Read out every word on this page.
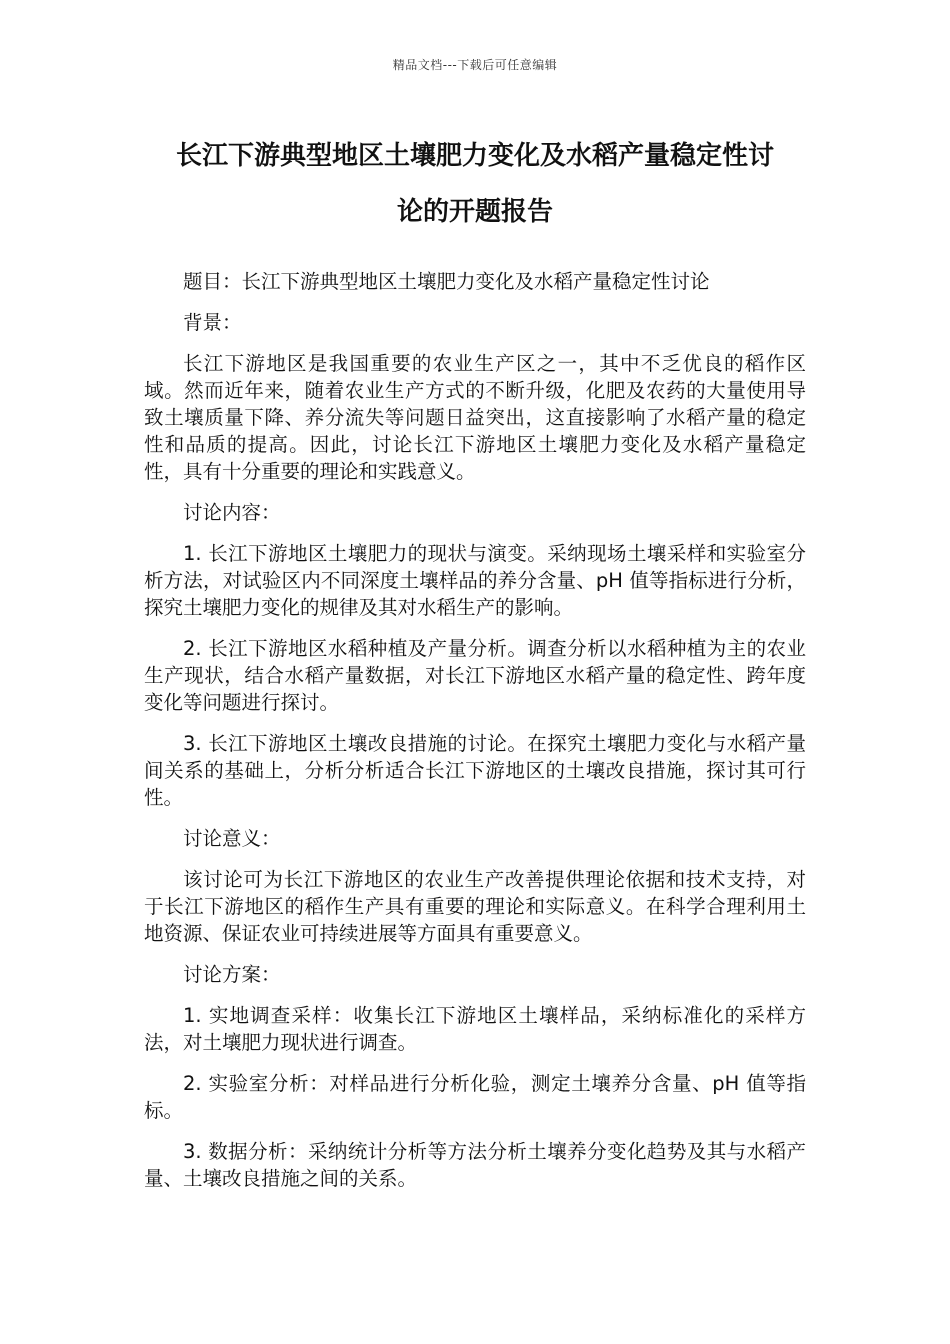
精品文档---下载后可任意编辑
长江下游典型地区土壤肥力变化及水稻产量稳定性讨
论的开题报告

题目：长江下游典型地区土壤肥力变化及水稻产量稳定性讨论

背景：

长江下游地区是我国重要的农业生产区之一，其中不乏优良的稻作区域。然而近年来，随着农业生产方式的不断升级，化肥及农药的大量使用导致土壤质量下降、养分流失等问题日益突出，这直接影响了水稻产量的稳定性和品质的提高。因此，讨论长江下游地区土壤肥力变化及水稻产量稳定性，具有十分重要的理论和实践意义。

讨论内容：

1. 长江下游地区土壤肥力的现状与演变。采纳现场土壤采样和实验室分析方法，对试验区内不同深度土壤样品的养分含量、pH 值等指标进行分析，探究土壤肥力变化的规律及其对水稻生产的影响。

2. 长江下游地区水稻种植及产量分析。调查分析以水稻种植为主的农业生产现状，结合水稻产量数据，对长江下游地区水稻产量的稳定性、跨年度变化等问题进行探讨。

3. 长江下游地区土壤改良措施的讨论。在探究土壤肥力变化与水稻产量间关系的基础上，分析分析适合长江下游地区的土壤改良措施，探讨其可行性。

讨论意义：

该讨论可为长江下游地区的农业生产改善提供理论依据和技术支持，对于长江下游地区的稻作生产具有重要的理论和实际意义。在科学合理利用土地资源、保证农业可持续进展等方面具有重要意义。

讨论方案：

1. 实地调查采样：收集长江下游地区土壤样品，采纳标准化的采样方法，对土壤肥力现状进行调查。

2. 实验室分析：对样品进行分析化验，测定土壤养分含量、pH 值等指标。

3. 数据分析：采纳统计分析等方法分析土壤养分变化趋势及其与水稻产量、土壤改良措施之间的关系。
